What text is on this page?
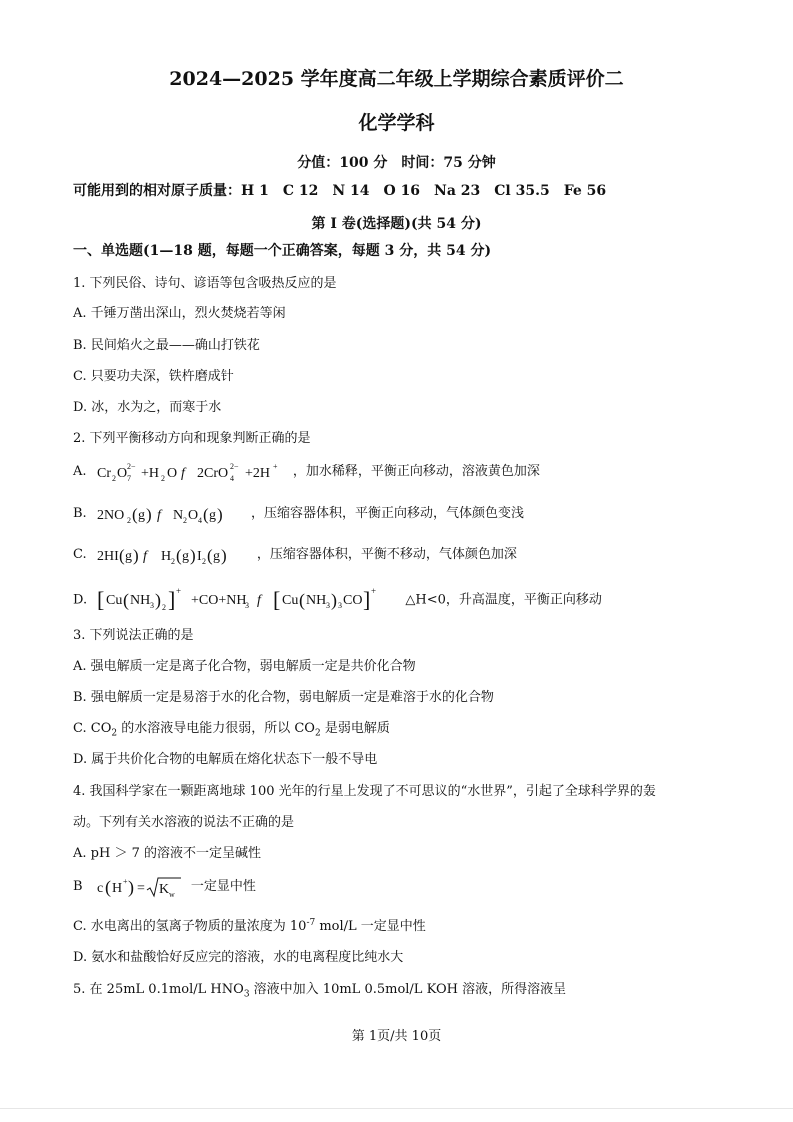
2024—2025 学年度高二年级上学期综合素质评价二
化学学科
分值：100 分　时间：75 分钟
可能用到的相对原子质量：H 1　C 12　N 14　O 16　Na 23　Cl 35.5　Fe 56
第 I 卷(选择题)(共 54 分)
一、单选题(1—18 题，每题一个正确答案，每题 3 分，共 54 分)
1. 下列民俗、诗句、谚语等包含吸热反应的是
A. 千锤万凿出深山，烈火焚烧若等闲
B. 民间焰火之最——确山打铁花
C. 只要功夫深，铁杵磨成针
D. 冰，水为之，而寒于水
2. 下列平衡移动方向和现象判断正确的是
A. Cr 2 O 7
2− +H 2 O f 2CrO 4
2− +2H + ，加水稀释，平衡正向移动，溶液黄色加深
B. 2NO 2 ( g ) f N 2 O 4 ( g ) ，压缩容器体积，平衡正向移动，气体颜色变浅
C. 2HI ( g ) f H 2 ( g ) I 2 ( g ) ，压缩容器体积，平衡不移动，气体颜色加深
D. [ Cu ( NH 3 ) 2 ] +
+CO+NH
3 f [ Cu ( NH 3 ) 3 CO ] +
△H<0，升高温度，平衡正向移动
3. 下列说法正确的是
A. 强电解质一定是离子化合物，弱电解质一定是共价化合物
B. 强电解质一定是易溶于水的化合物，弱电解质一定是难溶于水的化合物
C. $CO_2$ 的水溶液导电能力很弱，所以 $CO_2$ 是弱电解质
D. 属于共价化合物的电解质在熔化状态下一般不导电
4. 我国科学家在一颗距离地球 100 光年的行星上发现了不可思议的“水世界”，引起了全球科学界的轰
动。下列有关水溶液的说法不正确的是
A. pH ＞ 7 的溶液不一定呈碱性
B c ( H + ) = K w 一定显中性
C. 水电离出的氢离子物质的量浓度为 $10^{-7}$ mol/L 一定显中性
D. 氨水和盐酸恰好反应完的溶液，水的电离程度比纯水大
5. 在 25mL 0.1mol/L $HNO_3$ 溶液中加入 10mL 0.5mol/L KOH 溶液，所得溶液呈
第 1页/共 10页
